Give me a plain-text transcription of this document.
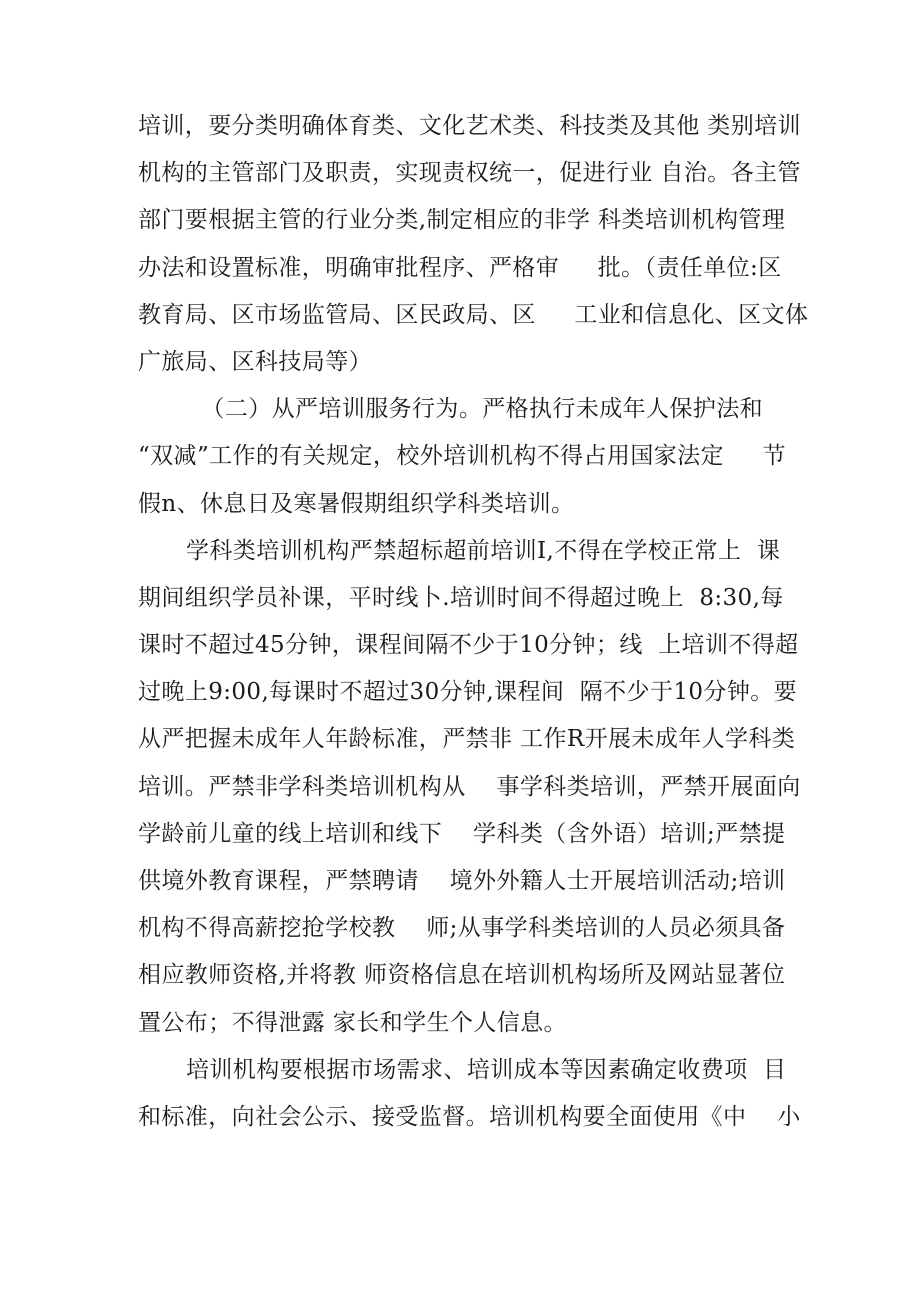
培训，要分类明确体育类、文化艺术类、科技类及其他 类别培训
机构的主管部门及职责，实现责权统一，促进行业 自治。各主管
部门要根据主管的行业分类,制定相应的非学 科类培训机构管理
办法和设置标准，明确审批程序、严格审     批。（责任单位:区
教育局、区市场监管局、区民政局、区     工业和信息化、区文体
广旅局、区科技局等）
（二）从严培训服务行为。严格执行未成年人保护法和
“双减”工作的有关规定，校外培训机构不得占用国家法定     节
假n、休息日及寒暑假期组织学科类培训。
学科类培训机构严禁超标超前培训I,不得在学校正常上  课
期间组织学员补课，平时线卜.培训时间不得超过晚上  8:30,每
课时不超过45分钟，课程间隔不少于10分钟；线  上培训不得超
过晚上9:00,每课时不超过30分钟,课程间  隔不少于10分钟。要
从严把握未成年人年龄标准，严禁非 工作R开展未成年人学科类
培训。严禁非学科类培训机构从    事学科类培训，严禁开展面向
学龄前儿童的线上培训和线下    学科类（含外语）培训;严禁提
供境外教育课程，严禁聘请    境外外籍人士开展培训活动;培训
机构不得高薪挖抢学校教    师;从事学科类培训的人员必须具备
相应教师资格,并将教 师资格信息在培训机构场所及网站显著位
置公布；不得泄露 家长和学生个人信息。
培训机构要根据市场需求、培训成本等因素确定收费项  目
和标准，向社会公示、接受监督。培训机构要全面使用《中    小
